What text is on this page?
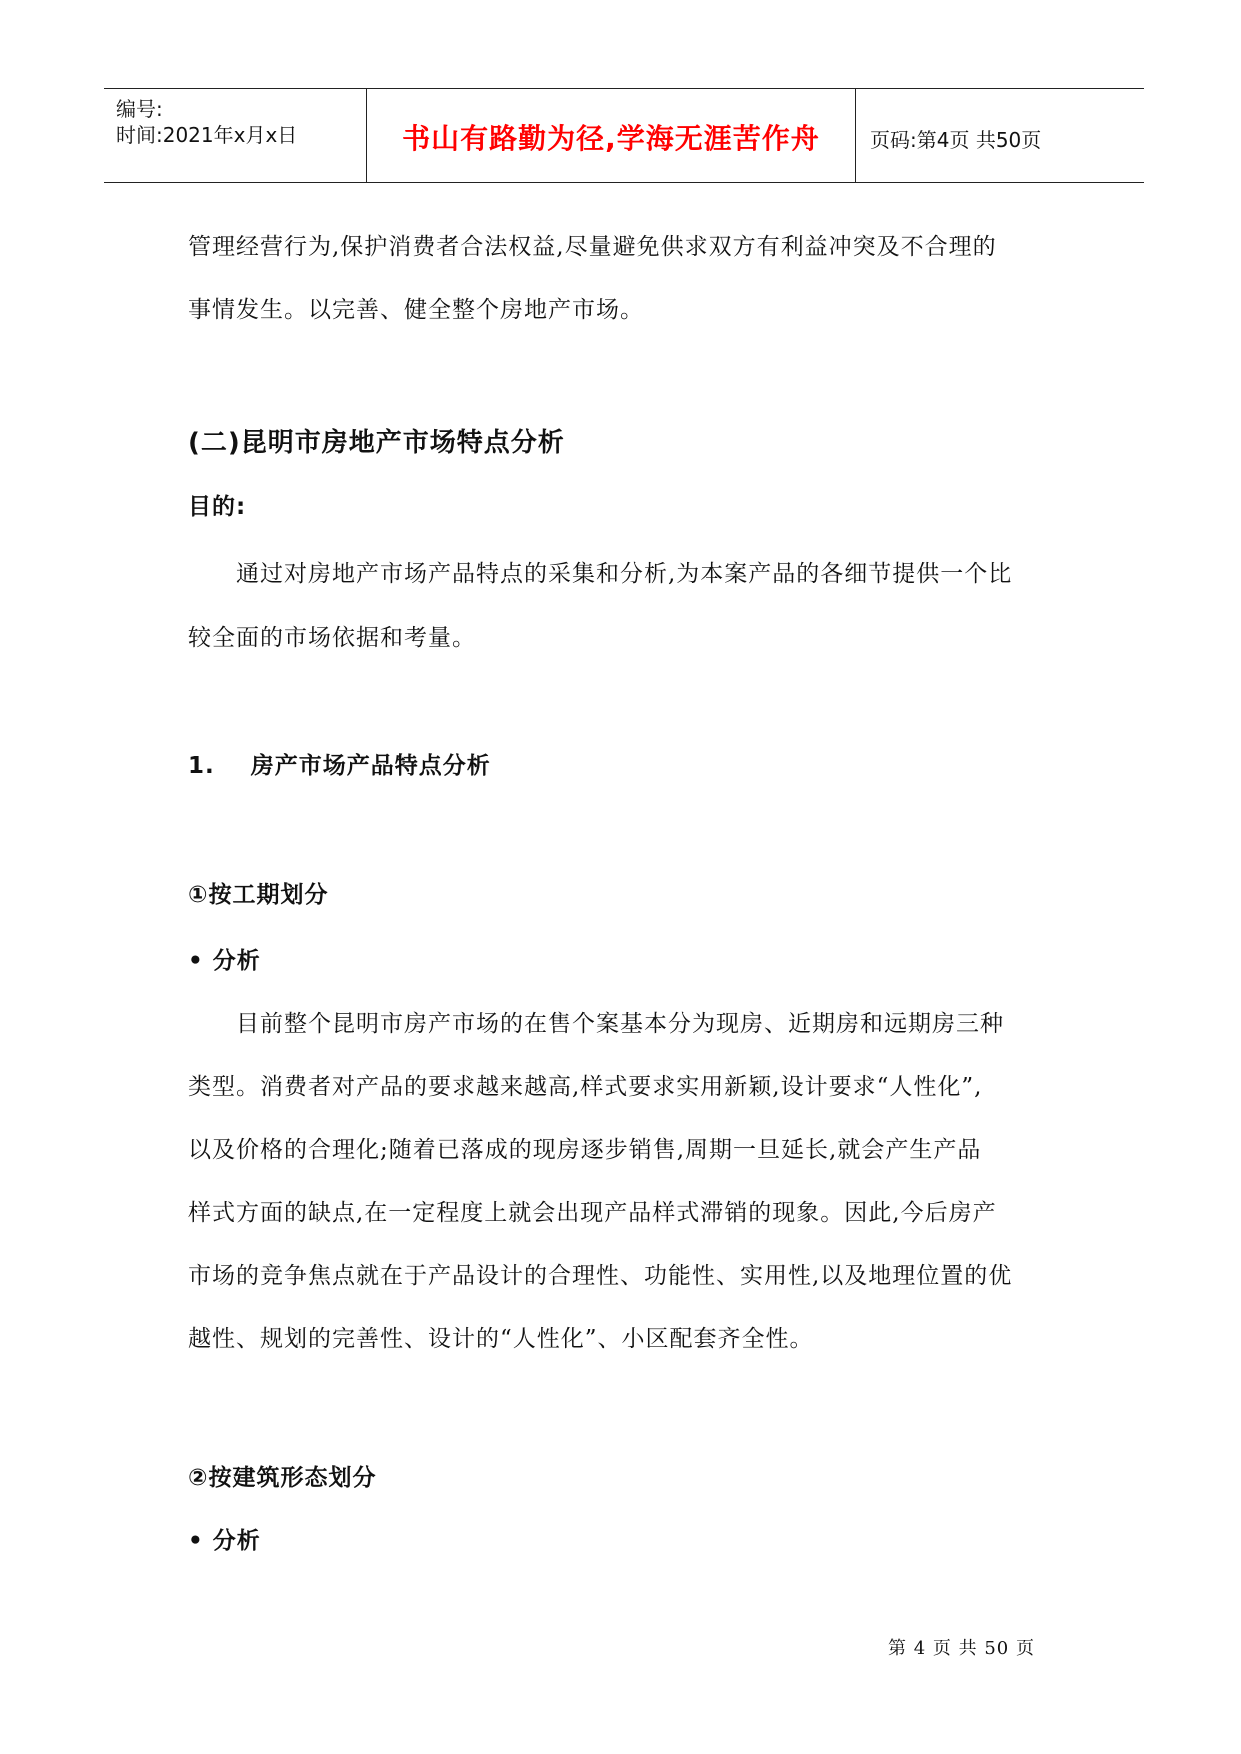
编号:
时间:2021年x月x日	书山有路勤为径,学海无涯苦作舟	页码:第4页 共50页
管理经营行为,保护消费者合法权益,尽量避免供求双方有利益冲突及不合理的
事情发生。以完善、健全整个房地产市场。
(二)昆明市房地产市场特点分析
目的:
通过对房地产市场产品特点的采集和分析,为本案产品的各细节提供一个比
较全面的市场依据和考量。
1.    房产市场产品特点分析
①按工期划分
• 分析
目前整个昆明市房产市场的在售个案基本分为现房、近期房和远期房三种
类型。消费者对产品的要求越来越高,样式要求实用新颖,设计要求“人性化”,
以及价格的合理化;随着已落成的现房逐步销售,周期一旦延长,就会产生产品
样式方面的缺点,在一定程度上就会出现产品样式滞销的现象。因此,今后房产
市场的竞争焦点就在于产品设计的合理性、功能性、实用性,以及地理位置的优
越性、规划的完善性、设计的“人性化”、小区配套齐全性。
②按建筑形态划分
• 分析
第 4 页 共 50 页
